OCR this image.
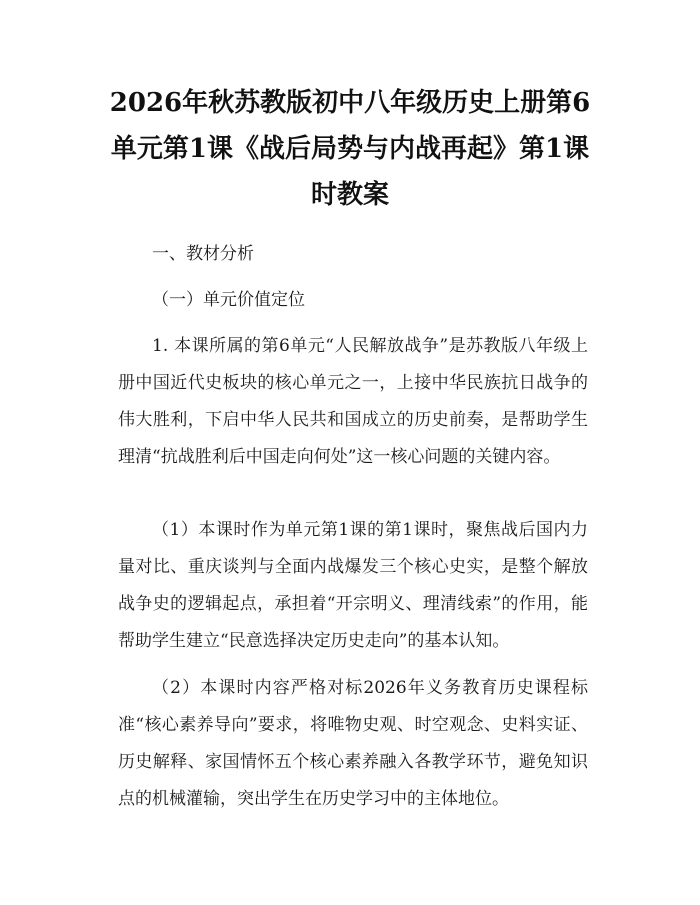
2026年秋苏教版初中八年级历史上册第6单元第1课《战后局势与内战再起》第1课时教案

一、教材分析

（一）单元价值定位

1. 本课所属的第6单元“人民解放战争”是苏教版八年级上册中国近代史板块的核心单元之一，上接中华民族抗日战争的伟大胜利，下启中华人民共和国成立的历史前奏，是帮助学生理清“抗战胜利后中国走向何处”这一核心问题的关键内容。

（1）本课时作为单元第1课的第1课时，聚焦战后国内力量对比、重庆谈判与全面内战爆发三个核心史实，是整个解放战争史的逻辑起点，承担着“开宗明义、理清线索”的作用，能帮助学生建立“民意选择决定历史走向”的基本认知。

（2）本课时内容严格对标2026年义务教育历史课程标准“核心素养导向”要求，将唯物史观、时空观念、史料实证、历史解释、家国情怀五个核心素养融入各教学环节，避免知识点的机械灌输，突出学生在历史学习中的主体地位。
